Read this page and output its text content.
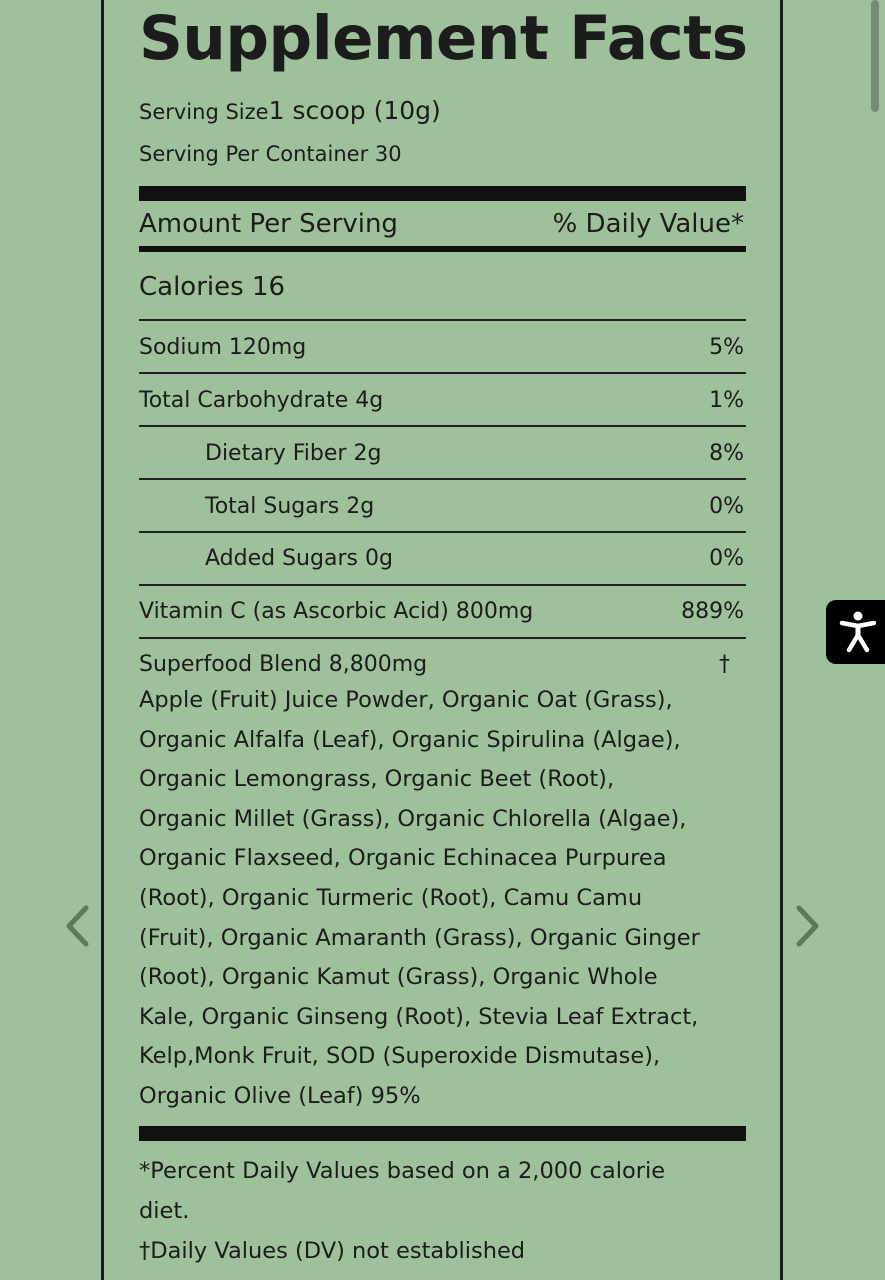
Supplement Facts
Serving Size1 scoop (10g)
Serving Per Container 30
Amount Per Serving	% Daily Value*
Calories 16
Sodium 120mg	5%
Total Carbohydrate 4g	1%
Dietary Fiber 2g	8%
Total Sugars 2g	0%
Added Sugars 0g	0%
Vitamin C (as Ascorbic Acid) 800mg	889%
Superfood Blend 8,800mg	†
Apple (Fruit) Juice Powder, Organic Oat (Grass),
Organic Alfalfa (Leaf), Organic Spirulina (Algae),
Organic Lemongrass, Organic Beet (Root),
Organic Millet (Grass), Organic Chlorella (Algae),
Organic Flaxseed, Organic Echinacea Purpurea
(Root), Organic Turmeric (Root), Camu Camu
(Fruit), Organic Amaranth (Grass), Organic Ginger
(Root), Organic Kamut (Grass), Organic Whole
Kale, Organic Ginseng (Root), Stevia Leaf Extract,
Kelp,Monk Fruit, SOD (Superoxide Dismutase),
Organic Olive (Leaf) 95%
*Percent Daily Values based on a 2,000 calorie
diet.
†Daily Values (DV) not established
